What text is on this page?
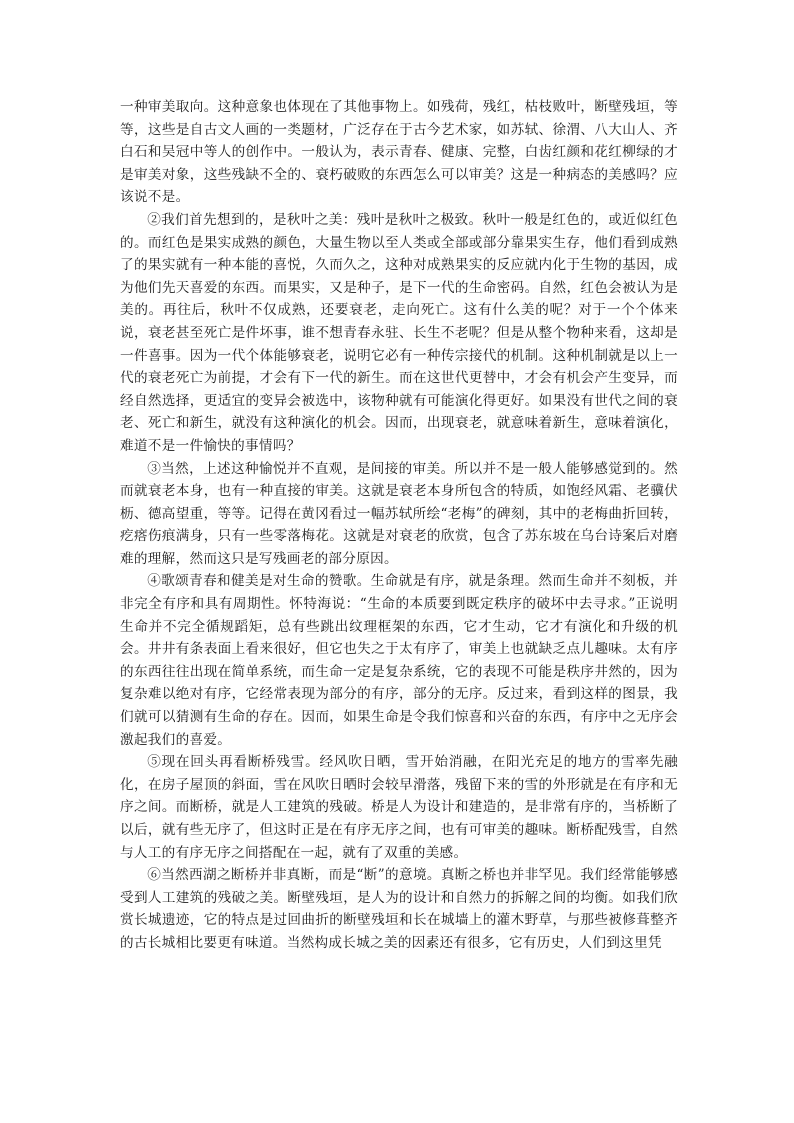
一种审美取向。这种意象也体现在了其他事物上。如残荷，残红，枯枝败叶，断壁残垣，等等，这些是自古文人画的一类题材，广泛存在于古今艺术家，如苏轼、徐渭、八大山人、齐白石和吴冠中等人的创作中。一般认为，表示青春、健康、完整，白齿红颜和花红柳绿的才是审美对象，这些残缺不全的、衰朽破败的东西怎么可以审美？这是一种病态的美感吗？应该说不是。

②我们首先想到的，是秋叶之美：残叶是秋叶之极致。秋叶一般是红色的，或近似红色的。而红色是果实成熟的颜色，大量生物以至人类或全部或部分靠果实生存，他们看到成熟了的果实就有一种本能的喜悦，久而久之，这种对成熟果实的反应就内化于生物的基因，成为他们先天喜爱的东西。而果实，又是种子，是下一代的生命密码。自然，红色会被认为是美的。再往后，秋叶不仅成熟，还要衰老，走向死亡。这有什么美的呢？对于一个个体来说，衰老甚至死亡是件坏事，谁不想青春永驻、长生不老呢？但是从整个物种来看，这却是一件喜事。因为一代个体能够衰老，说明它必有一种传宗接代的机制。这种机制就是以上一代的衰老死亡为前提，才会有下一代的新生。而在这世代更替中，才会有机会产生变异，而经自然选择，更适宜的变异会被选中，该物种就有可能演化得更好。如果没有世代之间的衰老、死亡和新生，就没有这种演化的机会。因而，出现衰老，就意味着新生，意味着演化，难道不是一件愉快的事情吗？

③当然，上述这种愉悦并不直观，是间接的审美。所以并不是一般人能够感觉到的。然而就衰老本身，也有一种直接的审美。这就是衰老本身所包含的特质，如饱经风霜、老骥伏枥、德高望重，等等。记得在黄冈看过一幅苏轼所绘“老梅”的碑刻，其中的老梅曲折回转，疙瘩伤痕满身，只有一些零落梅花。这就是对衰老的欣赏，包含了苏东坡在乌台诗案后对磨难的理解，然而这只是写残画老的部分原因。

④歌颂青春和健美是对生命的赞歌。生命就是有序，就是条理。然而生命并不刻板，并非完全有序和具有周期性。怀特海说：“生命的本质要到既定秩序的破坏中去寻求。”正说明生命并不完全循规蹈矩，总有些跳出纹理框架的东西，它才生动，它才有演化和升级的机会。井井有条表面上看来很好，但它也失之于太有序了，审美上也就缺乏点儿趣味。太有序的东西往往出现在简单系统，而生命一定是复杂系统，它的表现不可能是秩序井然的，因为复杂难以绝对有序，它经常表现为部分的有序，部分的无序。反过来，看到这样的图景，我们就可以猜测有生命的存在。因而，如果生命是令我们惊喜和兴奋的东西，有序中之无序会激起我们的喜爱。

⑤现在回头再看断桥残雪。经风吹日晒，雪开始消融，在阳光充足的地方的雪率先融化，在房子屋顶的斜面，雪在风吹日晒时会较早滑落，残留下来的雪的外形就是在有序和无序之间。而断桥，就是人工建筑的残破。桥是人为设计和建造的，是非常有序的，当桥断了以后，就有些无序了，但这时正是在有序无序之间，也有可审美的趣味。断桥配残雪，自然与人工的有序无序之间搭配在一起，就有了双重的美感。

⑥当然西湖之断桥并非真断，而是“断”的意境。真断之桥也并非罕见。我们经常能够感受到人工建筑的残破之美。断壁残垣，是人为的设计和自然力的拆解之间的均衡。如我们欣赏长城遗迹，它的特点是过回曲折的断壁残垣和长在城墙上的灌木野草，与那些被修葺整齐的古长城相比要更有味道。当然构成长城之美的因素还有很多，它有历史，人们到这里凭
